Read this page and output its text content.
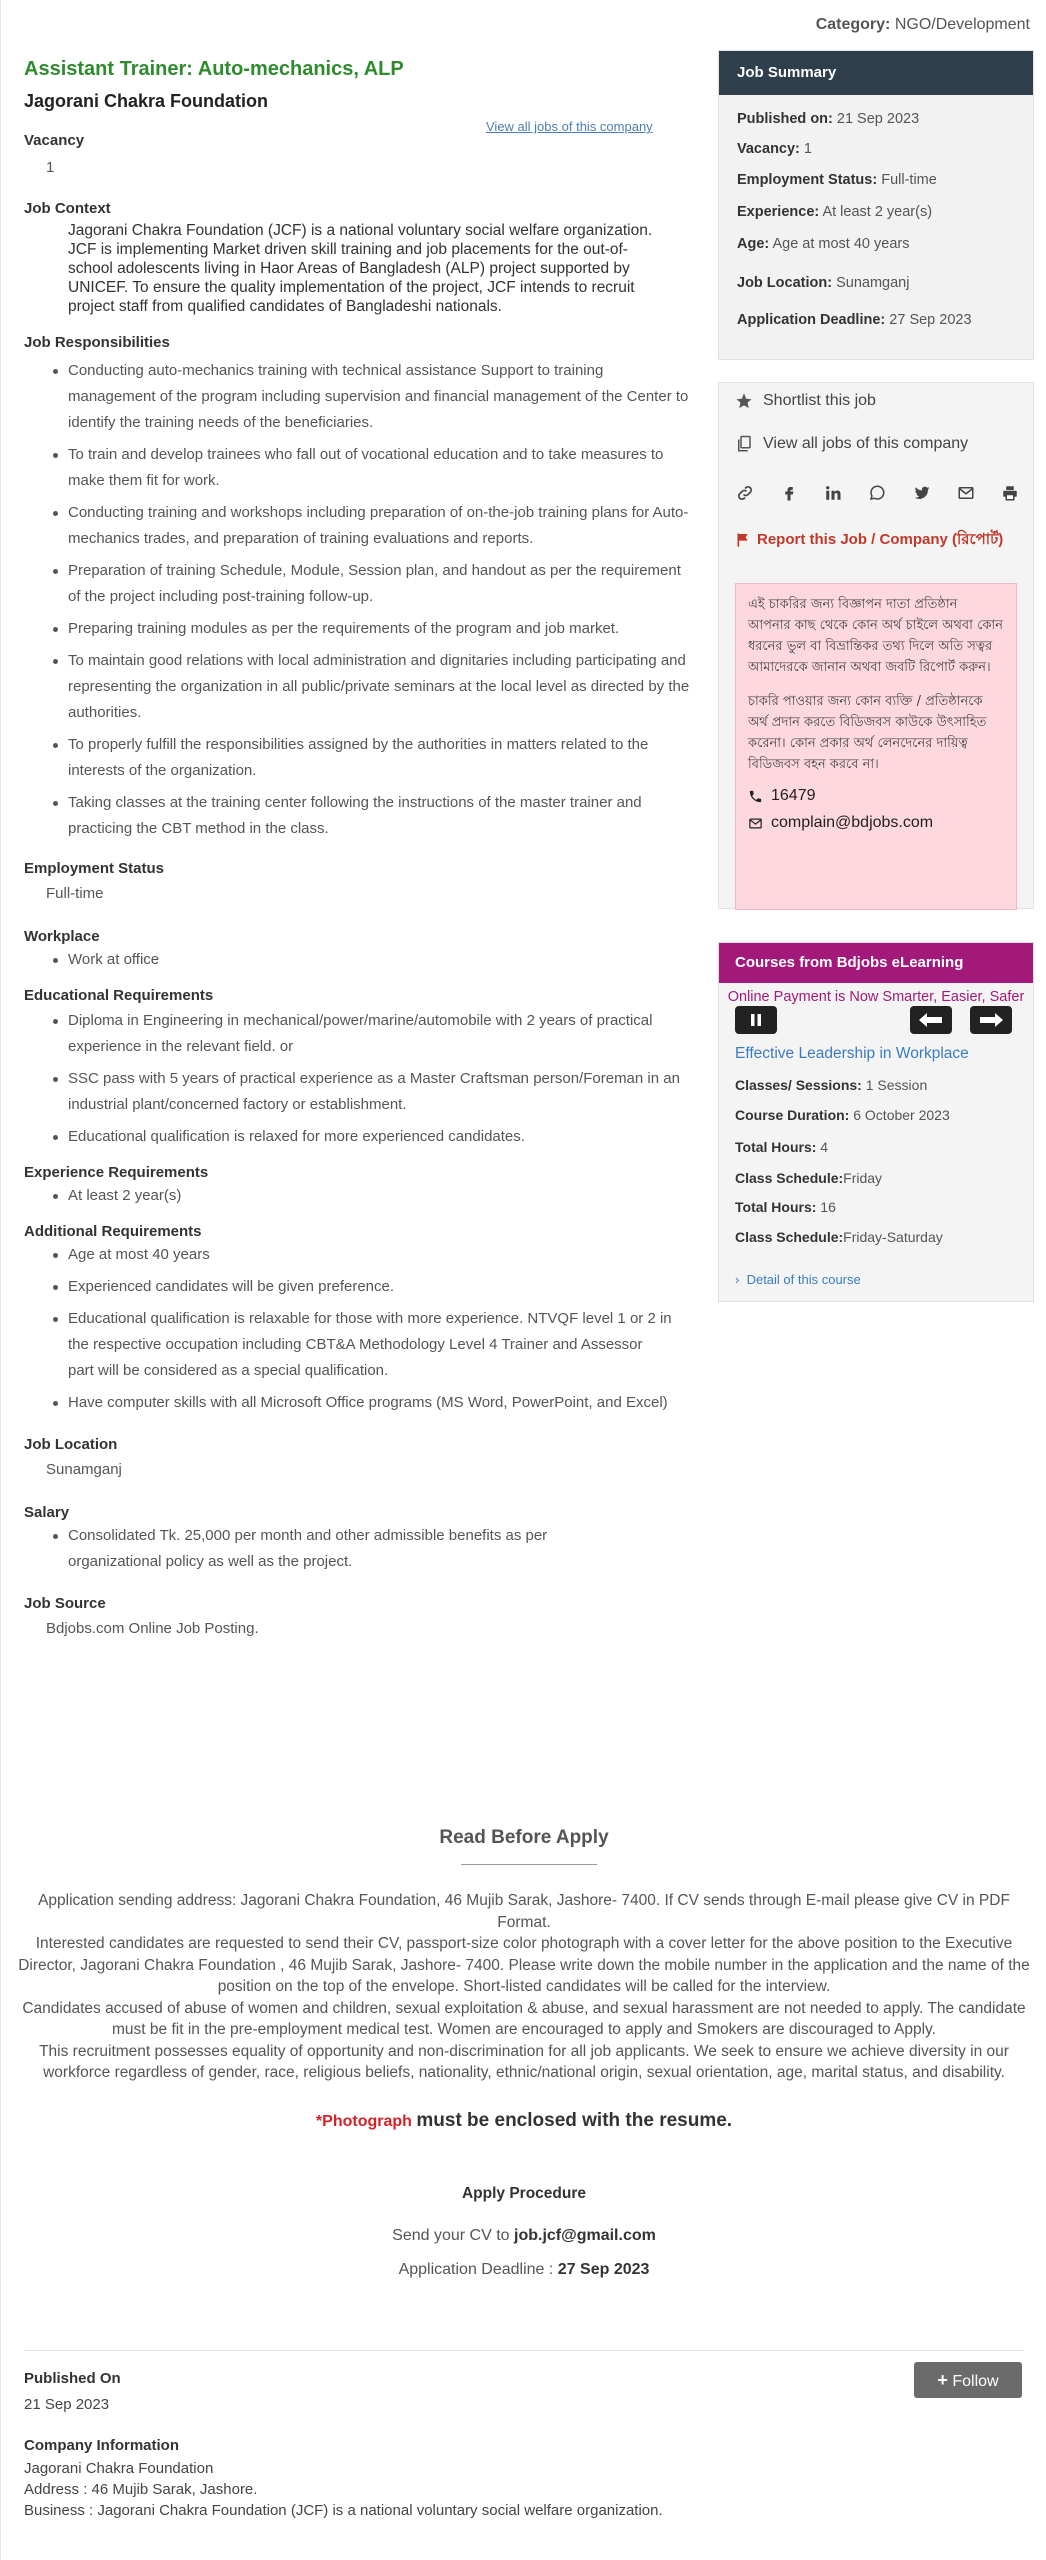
Category: NGO/Development
Assistant Trainer: Auto-mechanics, ALP
Jagorani Chakra Foundation
View all jobs of this company
Vacancy
1
Job Context
Jagorani Chakra Foundation (JCF) is a national voluntary social welfare organization. JCF is implementing Market driven skill training and job placements for the out-of-school adolescents living in Haor Areas of Bangladesh (ALP) project supported by UNICEF. To ensure the quality implementation of the project, JCF intends to recruit project staff from qualified candidates of Bangladeshi nationals.
Job Responsibilities
Conducting auto-mechanics training with technical assistance Support to training management of the program including supervision and financial management of the Center to identify the training needs of the beneficiaries.
To train and develop trainees who fall out of vocational education and to take measures to make them fit for work.
Conducting training and workshops including preparation of on-the-job training plans for Auto-mechanics trades, and preparation of training evaluations and reports.
Preparation of training Schedule, Module, Session plan, and handout as per the requirement of the project including post-training follow-up.
Preparing training modules as per the requirements of the program and job market.
To maintain good relations with local administration and dignitaries including participating and representing the organization in all public/private seminars at the local level as directed by the authorities.
To properly fulfill the responsibilities assigned by the authorities in matters related to the interests of the organization.
Taking classes at the training center following the instructions of the master trainer and practicing the CBT method in the class.
Employment Status
Full-time
Workplace
Work at office
Educational Requirements
Diploma in Engineering in mechanical/power/marine/automobile with 2 years of practical experience in the relevant field. or
SSC pass with 5 years of practical experience as a Master Craftsman person/Foreman in an industrial plant/concerned factory or establishment.
Educational qualification is relaxed for more experienced candidates.
Experience Requirements
At least 2 year(s)
Additional Requirements
Age at most 40 years
Experienced candidates will be given preference.
Educational qualification is relaxable for those with more experience. NTVQF level 1 or 2 in the respective occupation including CBT&A Methodology Level 4 Trainer and Assessor part will be considered as a special qualification.
Have computer skills with all Microsoft Office programs (MS Word, PowerPoint, and Excel)
Job Location
Sunamganj
Salary
Consolidated Tk. 25,000 per month and other admissible benefits as per organizational policy as well as the project.
Job Source
Bdjobs.com Online Job Posting.
Read Before Apply
Application sending address: Jagorani Chakra Foundation, 46 Mujib Sarak, Jashore- 7400. If CV sends through E-mail please give CV in PDF Format.
Interested candidates are requested to send their CV, passport-size color photograph with a cover letter for the above position to the Executive Director, Jagorani Chakra Foundation , 46 Mujib Sarak, Jashore- 7400. Please write down the mobile number in the application and the name of the position on the top of the envelope. Short-listed candidates will be called for the interview.
Candidates accused of abuse of women and children, sexual exploitation & abuse, and sexual harassment are not needed to apply. The candidate must be fit in the pre-employment medical test. Women are encouraged to apply and Smokers are discouraged to Apply.
This recruitment possesses equality of opportunity and non-discrimination for all job applicants. We seek to ensure we achieve diversity in our workforce regardless of gender, race, religious beliefs, nationality, ethnic/national origin, sexual orientation, age, marital status, and disability.
*Photograph must be enclosed with the resume.
Apply Procedure
Send your CV to job.jcf@gmail.com
Application Deadline : 27 Sep 2023
Published On
21 Sep 2023
+ Follow
Company Information
Jagorani Chakra Foundation
Address : 46 Mujib Sarak, Jashore.
Business : Jagorani Chakra Foundation (JCF) is a national voluntary social welfare organization.
Job Summary
Published on: 21 Sep 2023
Vacancy: 1
Employment Status: Full-time
Experience: At least 2 year(s)
Age: Age at most 40 years
Job Location: Sunamganj
Application Deadline: 27 Sep 2023
Shortlist this job
View all jobs of this company
Report this Job / Company (রিপোর্ট)
এই চাকরির জন্য বিজ্ঞাপন দাতা প্রতিষ্ঠান আপনার কাছ থেকে কোন অর্থ চাইলে অথবা কোন ধরনের ভুল বা বিভ্রান্তিকর তথ্য দিলে অতি সত্বর আমাদেরকে জানান অথবা জবটি রিপোর্ট করুন।
চাকরি পাওয়ার জন্য কোন ব্যক্তি / প্রতিষ্ঠানকে অর্থ প্রদান করতে বিডিজবস কাউকে উৎসাহিত করেনা। কোন প্রকার অর্থ লেনদেনের দায়িত্ব বিডিজবস বহন করবে না।
16479
complain@bdjobs.com
Courses from Bdjobs eLearning
Online Payment is Now Smarter, Easier, Safer
Effective Leadership in Workplace
Classes/ Sessions: 1 Session
Course Duration: 6 October 2023
Total Hours: 4
Class Schedule:Friday
Total Hours: 16
Class Schedule:Friday-Saturday
› Detail of this course
